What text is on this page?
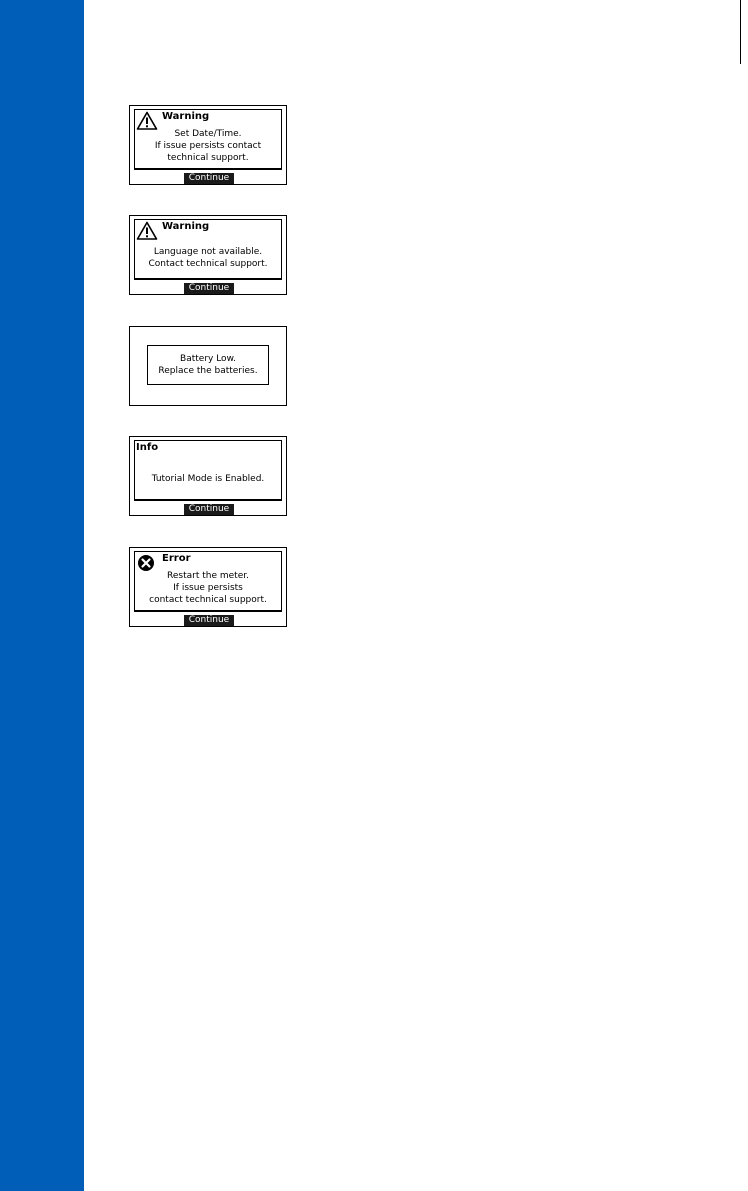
Warning
Set Date/Time.
If issue persists contact
technical support.
Continue
Warning
Language not available.
Contact technical support.
Continue
Battery Low.
Replace the batteries.
Info
Tutorial Mode is Enabled.
Continue
Error
Restart the meter.
If issue persists
contact technical support.
Continue
